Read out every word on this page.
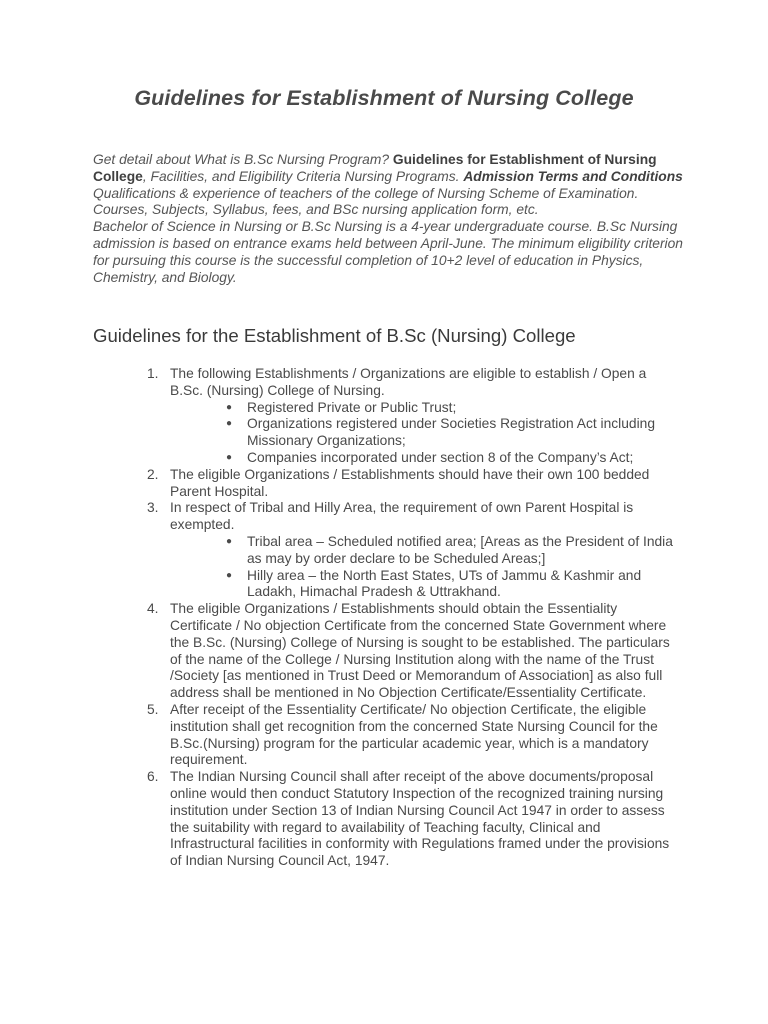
Guidelines for Establishment of Nursing College

Get detail about What is B.Sc Nursing Program? Guidelines for Establishment of Nursing College, Facilities, and Eligibility Criteria Nursing Programs. Admission Terms and Conditions Qualifications & experience of teachers of the college of Nursing Scheme of Examination. Courses, Subjects, Syllabus, fees, and BSc nursing application form, etc.

Bachelor of Science in Nursing or B.Sc Nursing is a 4-year undergraduate course. B.Sc Nursing admission is based on entrance exams held between April-June. The minimum eligibility criterion for pursuing this course is the successful completion of 10+2 level of education in Physics, Chemistry, and Biology.

Guidelines for the Establishment of B.Sc (Nursing) College
1. The following Establishments / Organizations are eligible to establish / Open a B.Sc. (Nursing) College of Nursing.
● Registered Private or Public Trust;
● Organizations registered under Societies Registration Act including Missionary Organizations;
● Companies incorporated under section 8 of the Company’s Act;
2. The eligible Organizations / Establishments should have their own 100 bedded Parent Hospital.
3. In respect of Tribal and Hilly Area, the requirement of own Parent Hospital is exempted.
● Tribal area – Scheduled notified area; [Areas as the President of India as may by order declare to be Scheduled Areas;]
● Hilly area – the North East States, UTs of Jammu & Kashmir and Ladakh, Himachal Pradesh & Uttrakhand.
4. The eligible Organizations / Establishments should obtain the Essentiality Certificate / No objection Certificate from the concerned State Government where the B.Sc. (Nursing) College of Nursing is sought to be established. The particulars of the name of the College / Nursing Institution along with the name of the Trust /Society [as mentioned in Trust Deed or Memorandum of Association] as also full address shall be mentioned in No Objection Certificate/Essentiality Certificate.
5. After receipt of the Essentiality Certificate/ No objection Certificate, the eligible institution shall get recognition from the concerned State Nursing Council for the B.Sc.(Nursing) program for the particular academic year, which is a mandatory requirement.
6. The Indian Nursing Council shall after receipt of the above documents/proposal online would then conduct Statutory Inspection of the recognized training nursing institution under Section 13 of Indian Nursing Council Act 1947 in order to assess the suitability with regard to availability of Teaching faculty, Clinical and Infrastructural facilities in conformity with Regulations framed under the provisions of Indian Nursing Council Act, 1947.
